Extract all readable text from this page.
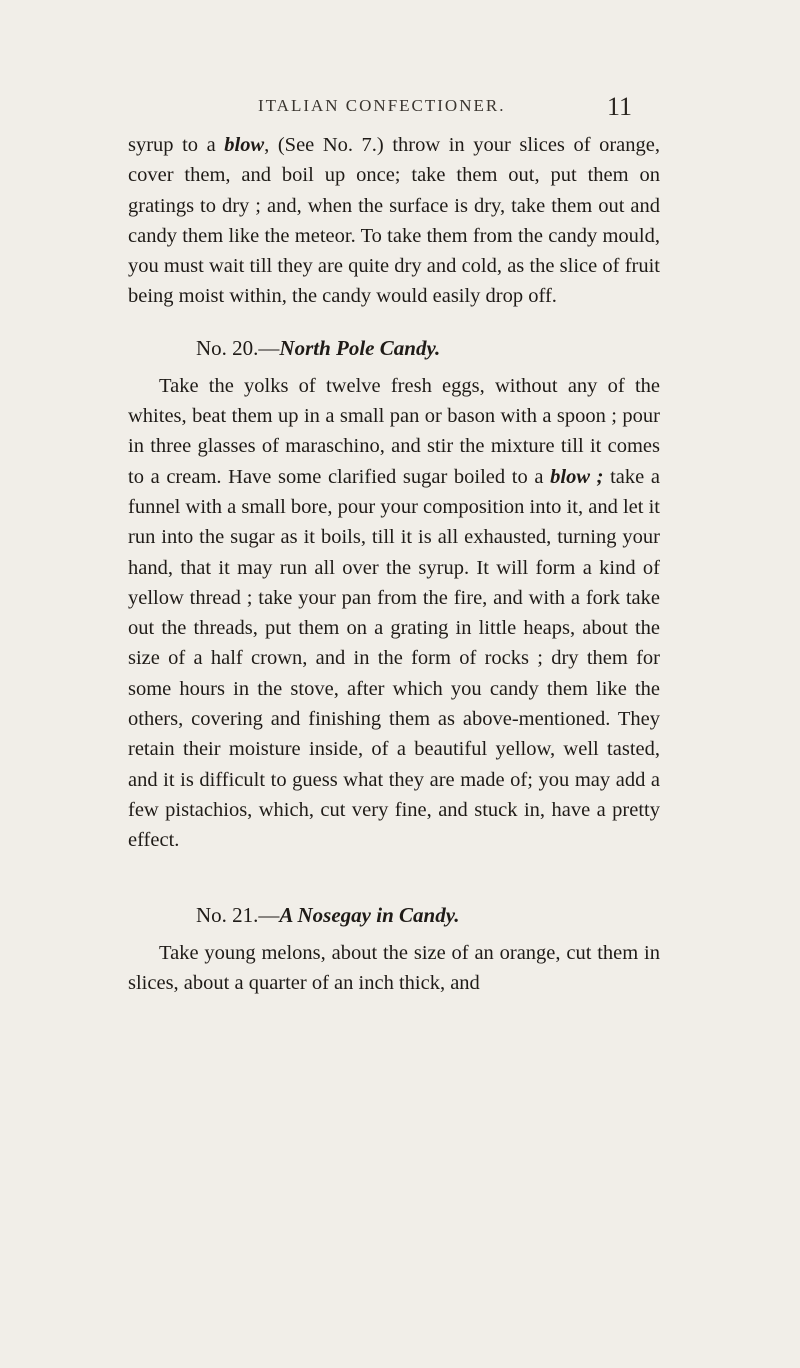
ITALIAN CONFECTIONER.	11

syrup to a blow, (See No. 7.) throw in your slices of orange, cover them, and boil up once; take them out, put them on gratings to dry ; and, when the surface is dry, take them out and candy them like the meteor. To take them from the candy mould, you must wait till they are quite dry and cold, as the slice of fruit being moist within, the candy would easily drop off.

No. 20.—North Pole Candy.

Take the yolks of twelve fresh eggs, without any of the whites, beat them up in a small pan or bason with a spoon ; pour in three glasses of maraschino, and stir the mixture till it comes to a cream. Have some clarified sugar boiled to a blow ; take a funnel with a small bore, pour your composition into it, and let it run into the sugar as it boils, till it is all exhausted, turning your hand, that it may run all over the syrup. It will form a kind of yellow thread ; take your pan from the fire, and with a fork take out the threads, put them on a grating in little heaps, about the size of a half crown, and in the form of rocks ; dry them for some hours in the stove, after which you candy them like the others, covering and finishing them as above-mentioned. They retain their moisture inside, of a beautiful yellow, well tasted, and it is difficult to guess what they are made of; you may add a few pistachios, which, cut very fine, and stuck in, have a pretty effect.

No. 21.—A Nosegay in Candy.

Take young melons, about the size of an orange, cut them in slices, about a quarter of an inch thick, and
